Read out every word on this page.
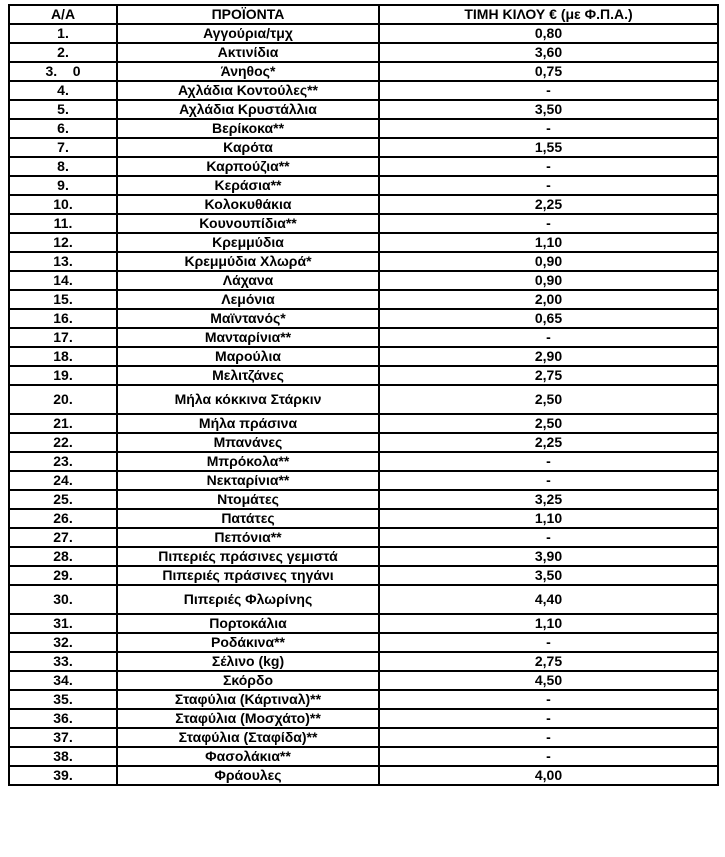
Α/Α	ΠΡΟΪΟΝΤΑ	ΤΙΜΗ ΚΙΛΟΥ € (με Φ.Π.Α.)
1.	Αγγούρια/τμχ	0,80
2.	Ακτινίδια	3,60
3.    0	Άνηθος*	0,75
4.	Αχλάδια Κοντούλες**	-
5.	Αχλάδια Κρυστάλλια	3,50
6.	Βερίκοκα**	-
7.	Καρότα	1,55
8.	Καρπούζια**	-
9.	Κεράσια**	-
10.	Κολοκυθάκια	2,25
11.	Κουνουπίδια**	-
12.	Κρεμμύδια	1,10
13.	Κρεμμύδια Χλωρά*	0,90
14.	Λάχανα	0,90
15.	Λεμόνια	2,00
16.	Μαϊντανός*	0,65
17.	Μανταρίνια**	-
18.	Μαρούλια	2,90
19.	Μελιτζάνες	2,75
20.	Μήλα κόκκινα Στάρκιν	2,50
21.	Μήλα πράσινα	2,50
22.	Μπανάνες	2,25
23.	Μπρόκολα**	-
24.	Νεκταρίνια**	-
25.	Ντομάτες	3,25
26.	Πατάτες	1,10
27.	Πεπόνια**	-
28.	Πιπεριές πράσινες γεμιστά	3,90
29.	Πιπεριές πράσινες τηγάνι	3,50
30.	Πιπεριές Φλωρίνης	4,40
31.	Πορτοκάλια	1,10
32.	Ροδάκινα**	-
33.	Σέλινο (kg)	2,75
34.	Σκόρδο	4,50
35.	Σταφύλια (Κάρτιναλ)**	-
36.	Σταφύλια (Μοσχάτο)**	-
37.	Σταφύλια (Σταφίδα)**	-
38.	Φασολάκια**	-
39.	Φράουλες	4,00
